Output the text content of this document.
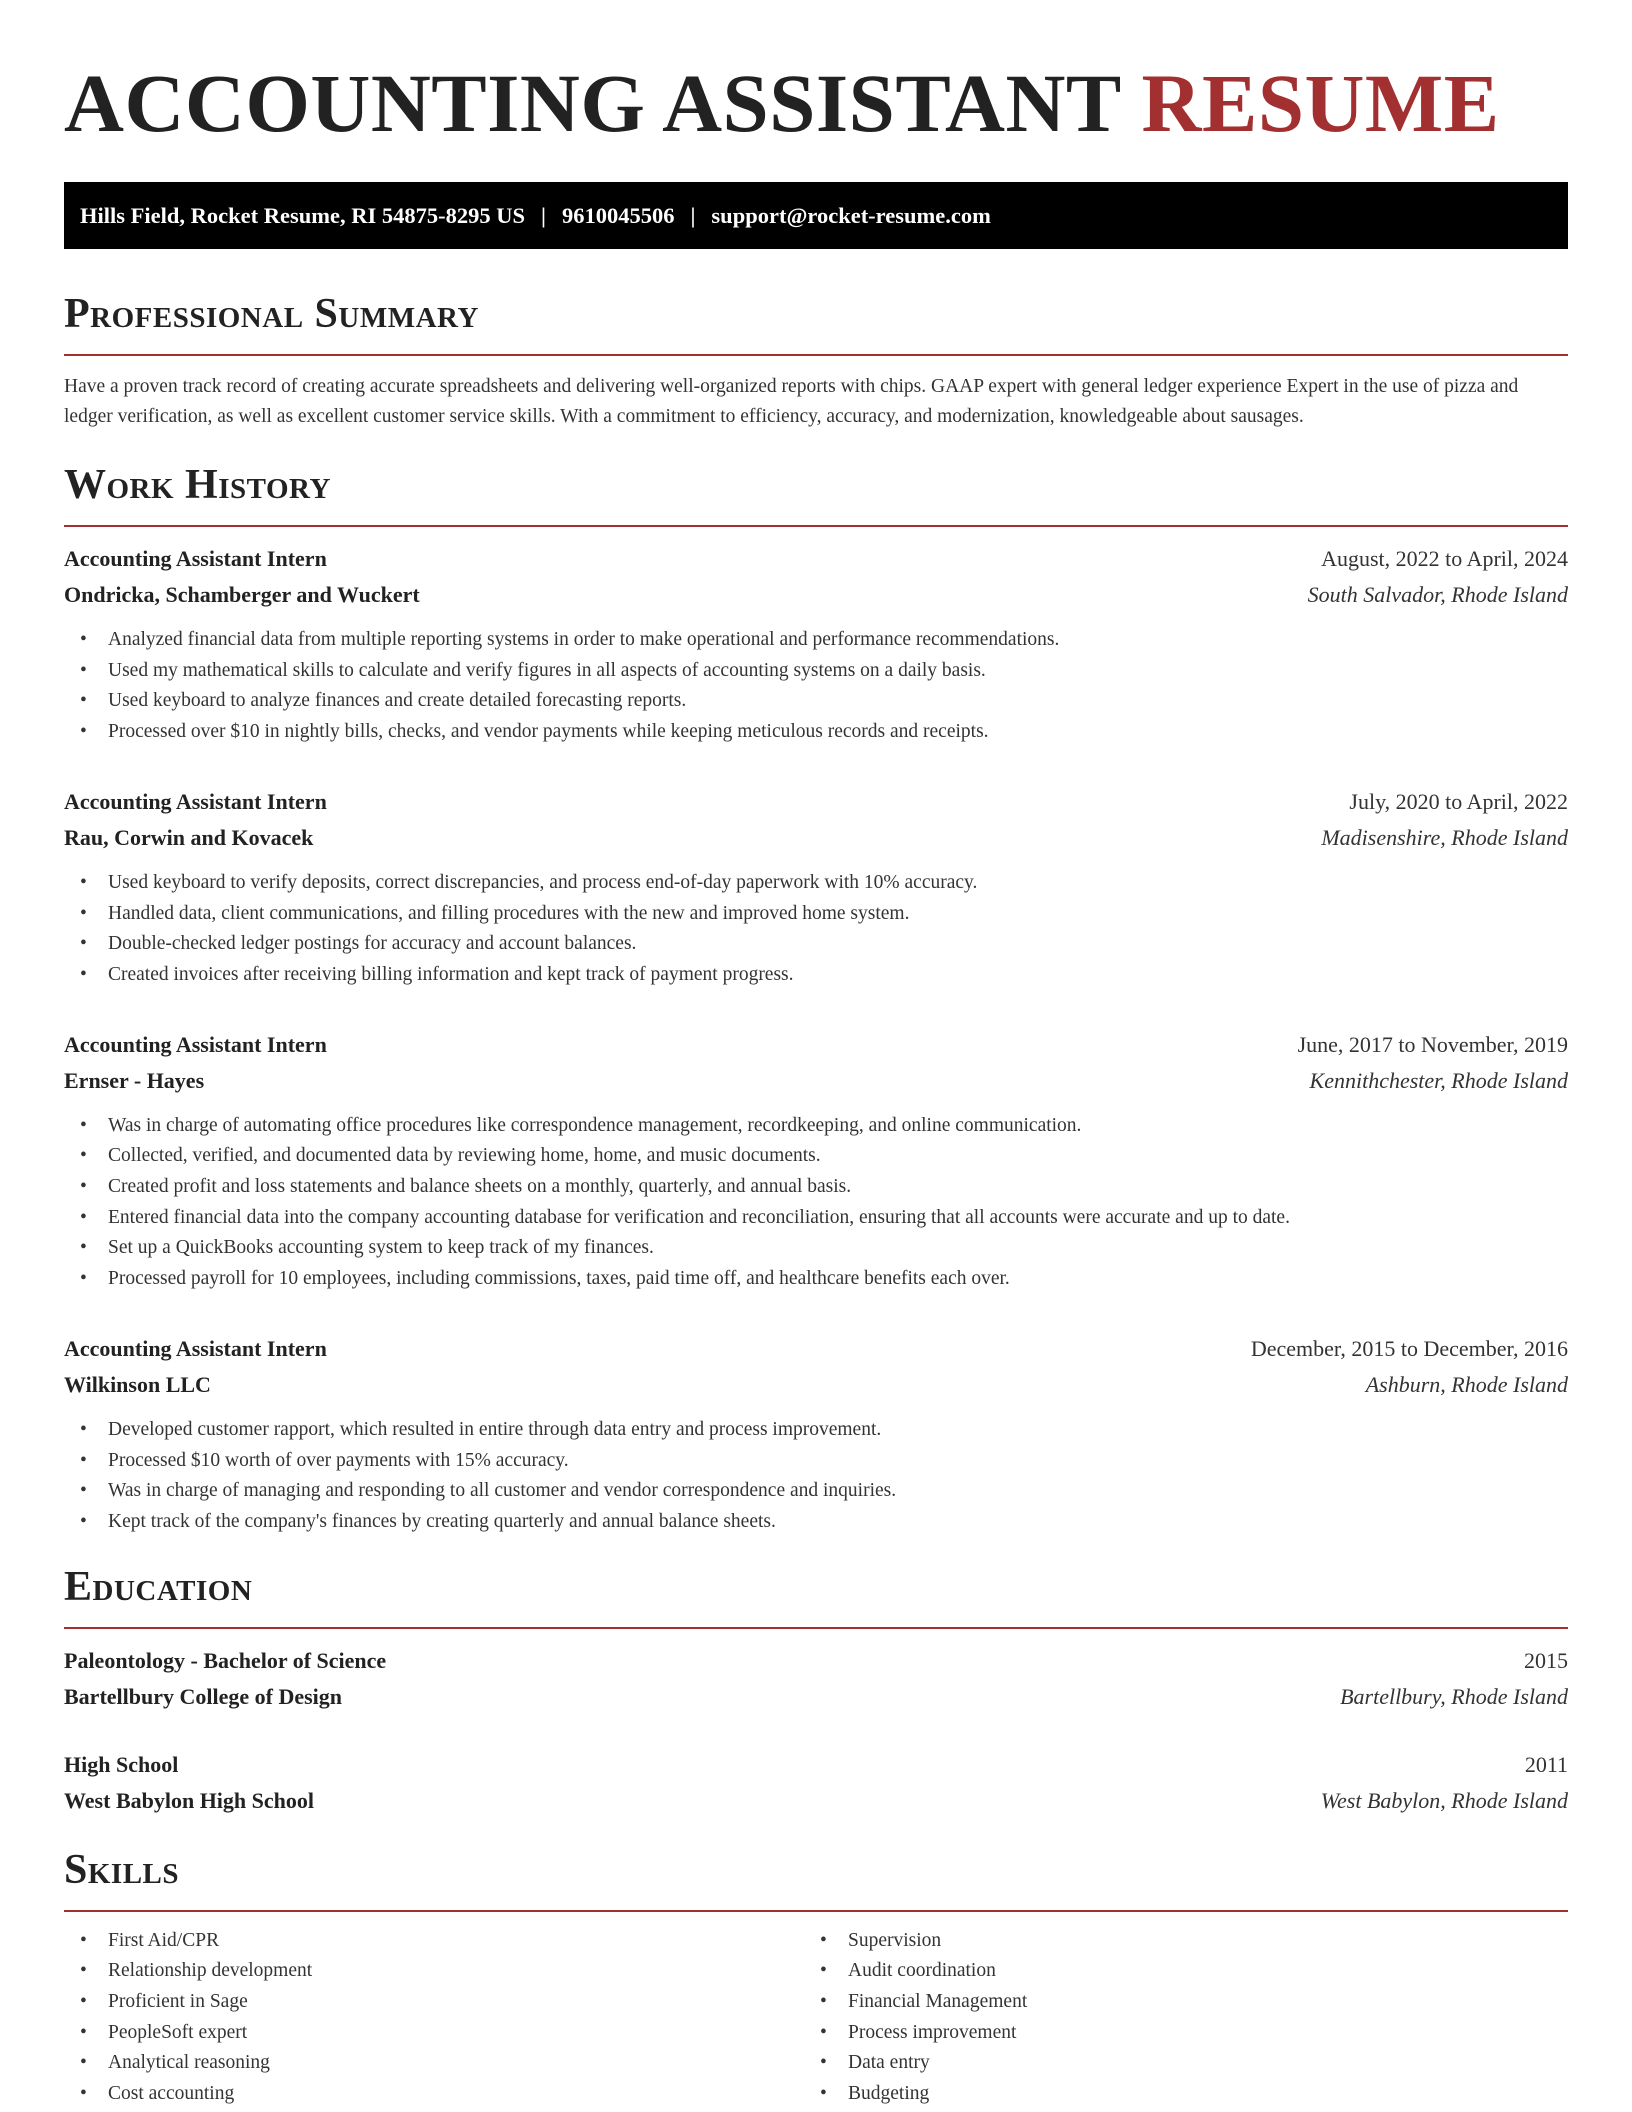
ACCOUNTING ASSISTANT RESUME
Hills Field, Rocket Resume, RI 54875-8295 US | 9610045506 | support@rocket-resume.com
Professional Summary

Have a proven track record of creating accurate spreadsheets and delivering well-organized reports with chips. GAAP expert with general ledger experience Expert in the use of pizza and ledger verification, as well as excellent customer service skills. With a commitment to efficiency, accuracy, and modernization, knowledgeable about sausages.

Work History
Accounting Assistant Intern	August, 2022 to April, 2024
Ondricka, Schamberger and Wuckert	South Salvador, Rhode Island
• Analyzed financial data from multiple reporting systems in order to make operational and performance recommendations.
• Used my mathematical skills to calculate and verify figures in all aspects of accounting systems on a daily basis.
• Used keyboard to analyze finances and create detailed forecasting reports.
• Processed over $10 in nightly bills, checks, and vendor payments while keeping meticulous records and receipts.
Accounting Assistant Intern	July, 2020 to April, 2022
Rau, Corwin and Kovacek	Madisenshire, Rhode Island
• Used keyboard to verify deposits, correct discrepancies, and process end-of-day paperwork with 10% accuracy.
• Handled data, client communications, and filling procedures with the new and improved home system.
• Double-checked ledger postings for accuracy and account balances.
• Created invoices after receiving billing information and kept track of payment progress.
Accounting Assistant Intern	June, 2017 to November, 2019
Ernser - Hayes	Kennithchester, Rhode Island
• Was in charge of automating office procedures like correspondence management, recordkeeping, and online communication.
• Collected, verified, and documented data by reviewing home, home, and music documents.
• Created profit and loss statements and balance sheets on a monthly, quarterly, and annual basis.
• Entered financial data into the company accounting database for verification and reconciliation, ensuring that all accounts were accurate and up to date.
• Set up a QuickBooks accounting system to keep track of my finances.
• Processed payroll for 10 employees, including commissions, taxes, paid time off, and healthcare benefits each over.
Accounting Assistant Intern	December, 2015 to December, 2016
Wilkinson LLC	Ashburn, Rhode Island
• Developed customer rapport, which resulted in entire through data entry and process improvement.
• Processed $10 worth of over payments with 15% accuracy.
• Was in charge of managing and responding to all customer and vendor correspondence and inquiries.
• Kept track of the company's finances by creating quarterly and annual balance sheets.
Education
Paleontology - Bachelor of Science	2015
Bartellbury College of Design	Bartellbury, Rhode Island
High School	2011
West Babylon High School	West Babylon, Rhode Island
Skills
• First Aid/CPR
• Relationship development
• Proficient in Sage
• PeopleSoft expert
• Analytical reasoning
• Cost accounting
• Supervision
• Audit coordination
• Financial Management
• Process improvement
• Data entry
• Budgeting
